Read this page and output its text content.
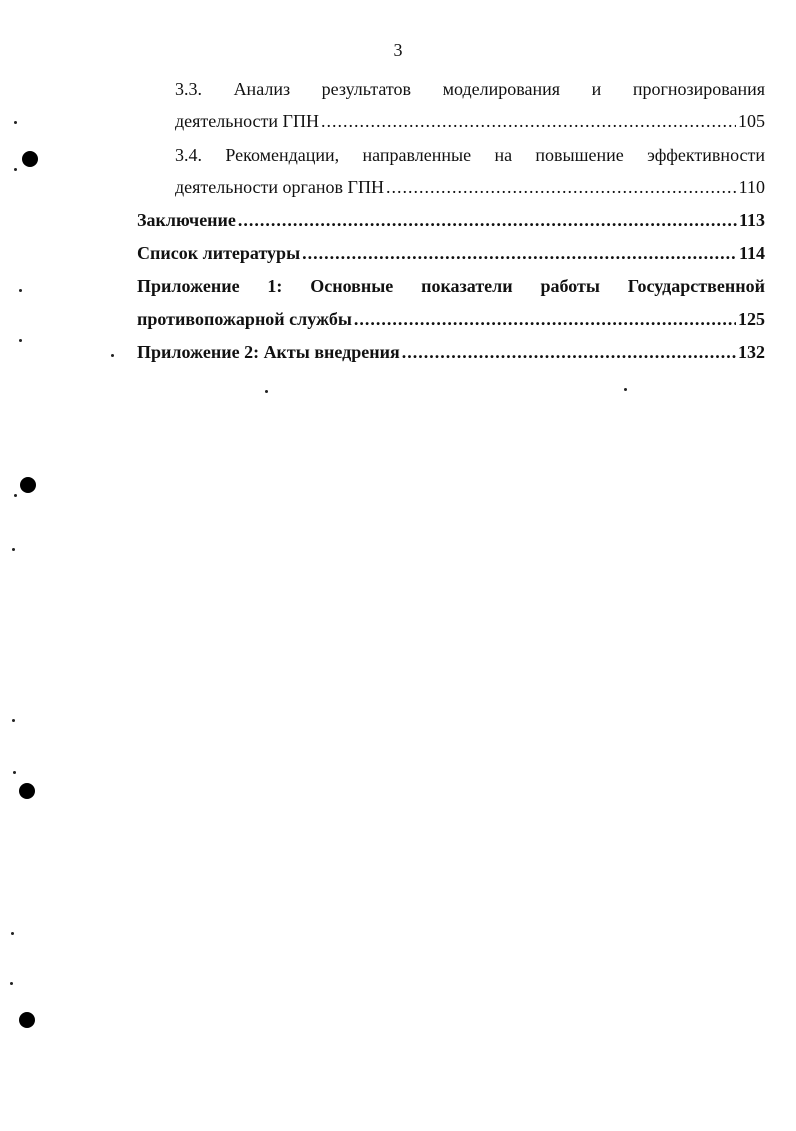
3
3.3. Анализ результатов моделирования и прогнозирования
деятельности ГПН .....	105
3.4. Рекомендации, направленные на повышение эффективности
деятельности органов ГПН .....	110
Заключение .....	113
Список литературы .....	114
Приложение 1: Основные показатели работы Государственной
противопожарной службы .....	125
Приложение 2: Акты внедрения .....	132
